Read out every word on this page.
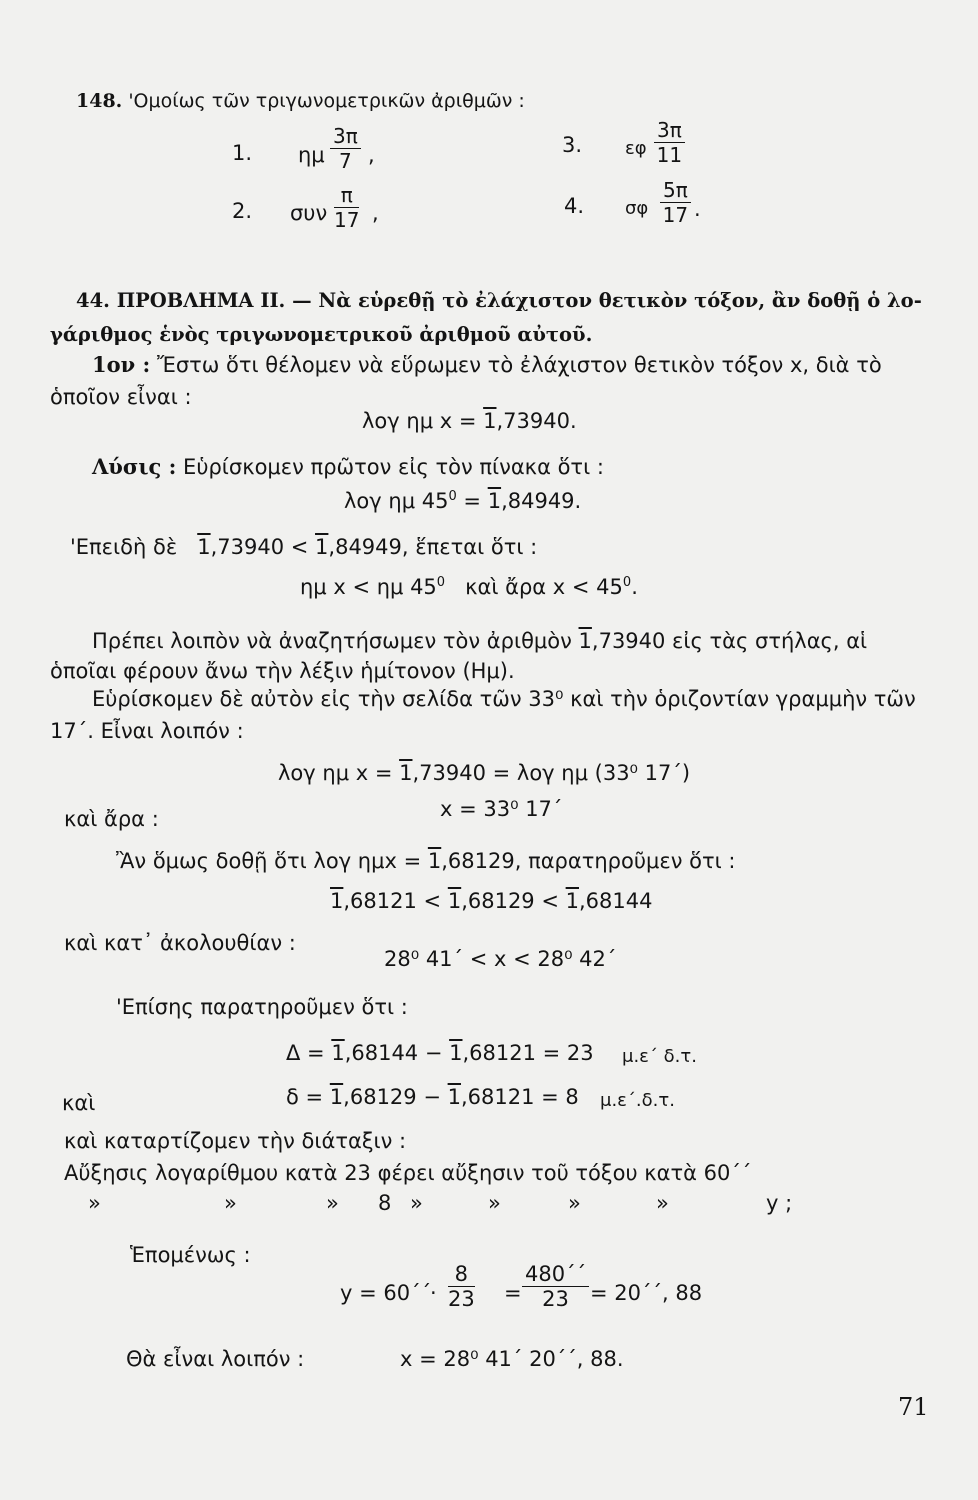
148. 'Ομοίως τῶν τριγωνομετρικῶν ἀριθμῶν :
1. ημ $\frac{3\pi}{7}$ ,	3. εφ $\frac{3\pi}{11}$
2. συν $\frac{\pi}{17}$ ,	4. σφ $\frac{5\pi}{17}$ .
44. ΠΡΟΒΛΗΜΑ ΙΙ. — Νὰ εὑρεθῇ τὸ ἐλάχιστον θετικὸν τόξον, ἂν δοθῇ ὁ λο-
γάριθμος ἑνὸς τριγωνομετρικοῦ ἀριθμοῦ αὐτοῦ.
1ον : Ἔστω ὅτι θέλομεν νὰ εὕρωμεν τὸ ἐλάχιστον θετικὸν τόξον x, διὰ τὸ
ὁποῖον εἶναι :
λογ ημ x = 1,73940.
Λύσις : Εὑρίσκομεν πρῶτον εἰς τὸν πίνακα ὅτι :
λογ ημ $45^0 = 1,84949$.
'Επειδὴ δὲ 1,73940 < 1,84949, ἕπεται ὅτι :
ημ x < ημ $45^0$ καὶ ἄρα $x < 45^0$.
Πρέπει λοιπὸν νὰ ἀναζητήσωμεν τὸν ἀριθμὸν 1,73940 εἰς τὰς στήλας, αἱ
ὁποῖαι φέρουν ἄνω τὴν λέξιν ἡμίτονον (Ημ).
Εὑρίσκομεν δὲ αὐτὸν εἰς τὴν σελίδα τῶν 33⁰ καὶ τὴν ὁριζοντίαν γραμμὴν τῶν
17΄. Εἶναι λοιπόν :
λογ ημ x = 1,73940 = λογ ημ (33⁰ 17΄)
καὶ ἄρα :	x = 33⁰ 17΄
Ἂν ὅμως δοθῇ ὅτι λογ ημx = 1,68129, παρατηροῦμεν ὅτι :
1,68121 < 1,68129 < 1,68144
καὶ κατ᾿ ἀκολουθίαν :
28⁰ 41΄ < x < 28⁰ 42΄
'Επίσης παρατηροῦμεν ὅτι :
Δ = 1,68144 − 1,68121 = 23 μ.ε΄ δ.τ.
καὶ	δ = 1,68129 − 1,68121 = 8 μ.ε΄.δ.τ.
καὶ καταρτίζομεν τὴν διάταξιν :
Αὔξησις λογαρίθμου κατὰ 23 φέρει αὔξησιν τοῦ τόξου κατὰ 60΄΄
»	»	» 8 »	»	»	»	y ;
Ἑπομένως :
y = 60΄΄
· $\frac{8}{23} = \frac{480΄΄}{23} = 20΄΄$, 88
Θὰ εἶναι λοιπόν :	x = 28⁰ 41΄ 20΄΄, 88.
71
